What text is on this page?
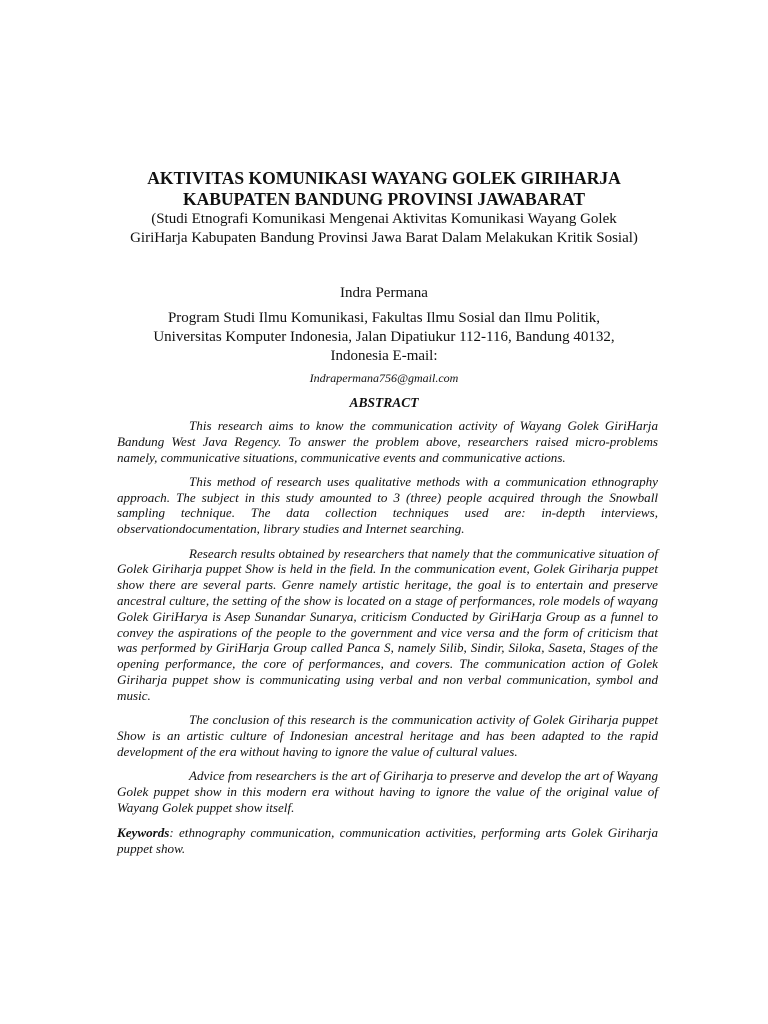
AKTIVITAS KOMUNIKASI WAYANG GOLEK GIRIHARJA KABUPATEN BANDUNG PROVINSI JAWABARAT

(Studi Etnografi Komunikasi Mengenai Aktivitas Komunikasi Wayang Golek GiriHarja Kabupaten Bandung Provinsi Jawa Barat Dalam Melakukan Kritik Sosial)

Indra Permana

Program Studi Ilmu Komunikasi, Fakultas Ilmu Sosial dan Ilmu Politik, Universitas Komputer Indonesia, Jalan Dipatiukur 112-116, Bandung 40132, Indonesia E-mail:

Indrapermana756@gmail.com

ABSTRACT

This research aims to know the communication activity of Wayang Golek GiriHarja Bandung West Java Regency. To answer the problem above, researchers raised micro-problems namely, communicative situations, communicative events and communicative actions.

This method of research uses qualitative methods with a communication ethnography approach. The subject in this study amounted to 3 (three) people acquired through the Snowball sampling technique. The data collection techniques used are: in-depth interviews, observationdocumentation, library studies and Internet searching.

Research results obtained by researchers that namely that the communicative situation of Golek Giriharja puppet Show is held in the field. In the communication event, Golek Giriharja puppet show there are several parts. Genre namely artistic heritage, the goal is to entertain and preserve ancestral culture, the setting of the show is located on a stage of performances, role models of wayang Golek GiriHarya is Asep Sunandar Sunarya, criticism Conducted by GiriHarja Group as a funnel to convey the aspirations of the people to the government and vice versa and the form of criticism that was performed by GiriHarja Group called Panca S, namely Silib, Sindir, Siloka, Saseta, Stages of the opening performance, the core of performances, and covers. The communication action of Golek Giriharja puppet show is communicating using verbal and non verbal communication, symbol and music.

The conclusion of this research is the communication activity of Golek Giriharja puppet Show is an artistic culture of Indonesian ancestral heritage and has been adapted to the rapid development of the era without having to ignore the value of cultural values.

Advice from researchers is the art of Giriharja to preserve and develop the art of Wayang Golek puppet show in this modern era without having to ignore the value of the original value of Wayang Golek puppet show itself.

Keywords: ethnography communication, communication activities, performing arts Golek Giriharja puppet show.
